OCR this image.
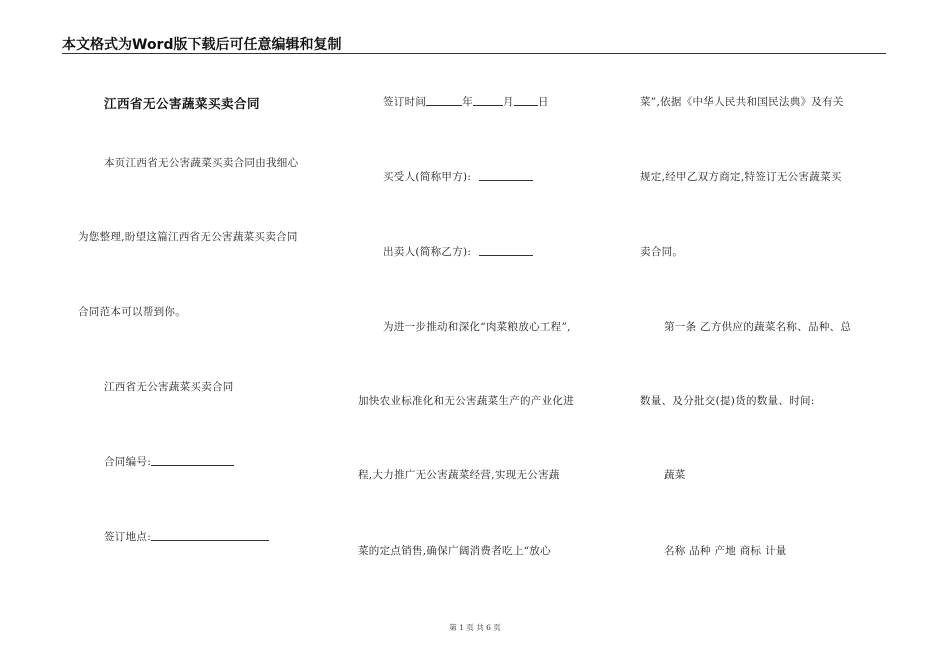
本文格式为Word版下载后可任意编辑和复制
江西省无公害蔬菜买卖合同
本页江西省无公害蔬菜买卖合同由我细心
为您整理,盼望这篇江西省无公害蔬菜买卖合同
合同范本可以帮到你。
江西省无公害蔬菜买卖合同
合同编号:
签订地点:
签订时间	年	月 日
买受人(简称甲方):
出卖人(简称乙方):
为进一步推动和深化“肉菜粮放心工程”,
加快农业标准化和无公害蔬菜生产的产业化进
程,大力推广无公害蔬菜经营,实现无公害蔬
菜的定点销售,确保广阔消费者吃上“放心
菜”,依据《中华人民共和国民法典》及有关
规定,经甲乙双方商定,特签订无公害蔬菜买
卖合同。
第一条 乙方供应的蔬菜名称、品种、总
数量、及分批交(提)货的数量、时间:
蔬菜
名称 品种 产地 商标 计量
第 1 页 共 6 页
